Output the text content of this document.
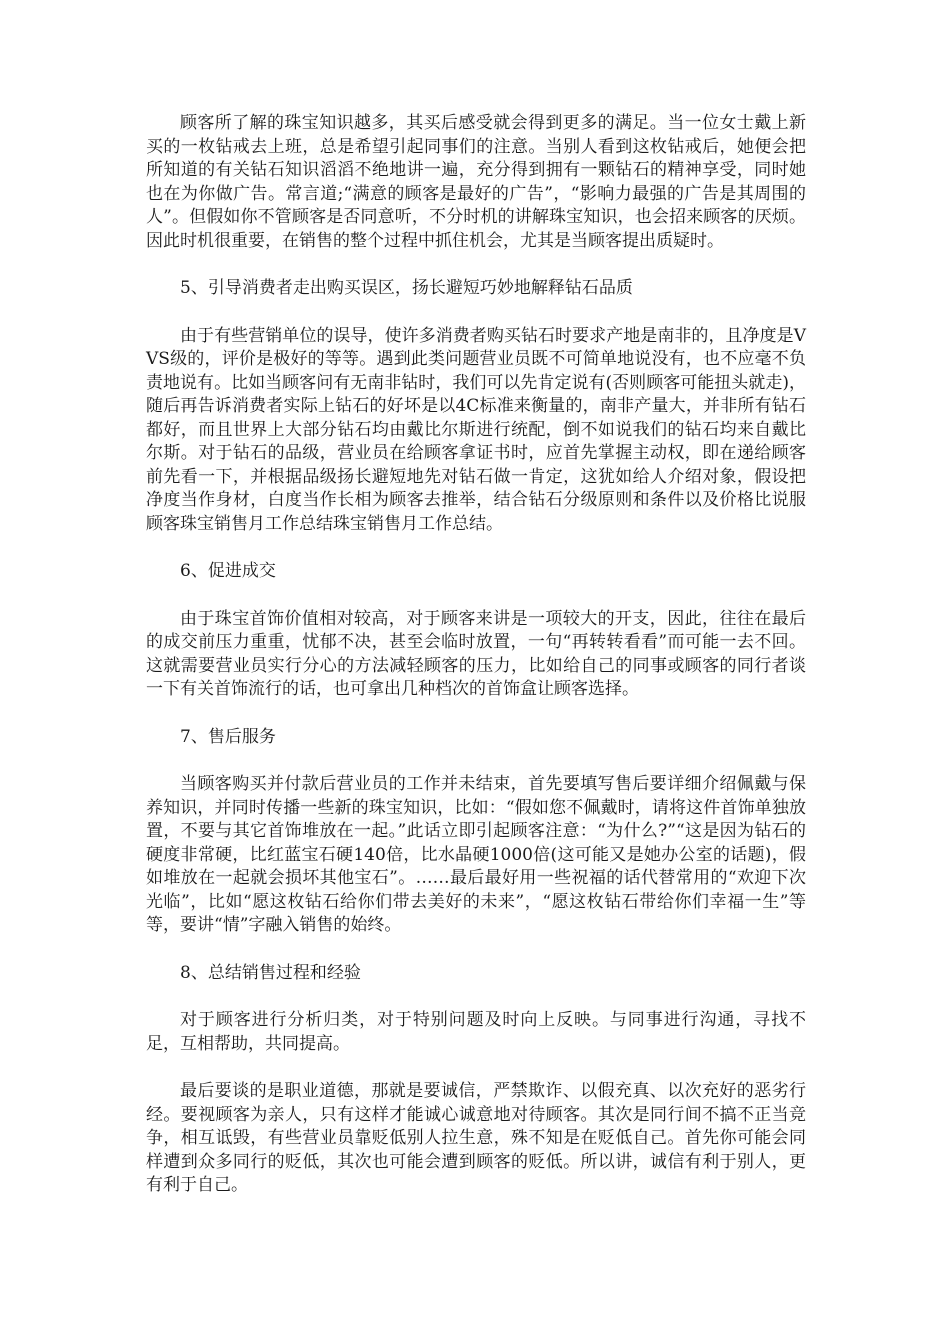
顾客所了解的珠宝知识越多，其买后感受就会得到更多的满足。当一位女士戴上新买的一枚钻戒去上班，总是希望引起同事们的注意。当别人看到这枚钻戒后，她便会把所知道的有关钻石知识滔滔不绝地讲一遍，充分得到拥有一颗钻石的精神享受，同时她也在为你做广告。常言道;“满意的顾客是最好的广告”，“影响力最强的广告是其周围的人”。但假如你不管顾客是否同意听，不分时机的讲解珠宝知识，也会招来顾客的厌烦。因此时机很重要，在销售的整个过程中抓住机会，尤其是当顾客提出质疑时。

5、引导消费者走出购买误区，扬长避短巧妙地解释钻石品质

由于有些营销单位的误导，使许多消费者购买钻石时要求产地是南非的，且净度是VVS级的，评价是极好的等等。遇到此类问题营业员既不可简单地说没有，也不应毫不负责地说有。比如当顾客问有无南非钻时，我们可以先肯定说有(否则顾客可能扭头就走)，随后再告诉消费者实际上钻石的好坏是以4C标准来衡量的，南非产量大，并非所有钻石都好，而且世界上大部分钻石均由戴比尔斯进行统配，倒不如说我们的钻石均来自戴比尔斯。对于钻石的品级，营业员在给顾客拿证书时，应首先掌握主动权，即在递给顾客前先看一下，并根据品级扬长避短地先对钻石做一肯定，这犹如给人介绍对象，假设把净度当作身材，白度当作长相为顾客去推举，结合钻石分级原则和条件以及价格比说服顾客珠宝销售月工作总结珠宝销售月工作总结。

6、促进成交

由于珠宝首饰价值相对较高，对于顾客来讲是一项较大的开支，因此，往往在最后的成交前压力重重，忧郁不决，甚至会临时放置，一句“再转转看看”而可能一去不回。这就需要营业员实行分心的方法减轻顾客的压力，比如给自己的同事或顾客的同行者谈一下有关首饰流行的话，也可拿出几种档次的首饰盒让顾客选择。

7、售后服务

当顾客购买并付款后营业员的工作并未结束，首先要填写售后要详细介绍佩戴与保养知识，并同时传播一些新的珠宝知识，比如：“假如您不佩戴时，请将这件首饰单独放置，不要与其它首饰堆放在一起。”此话立即引起顾客注意：“为什么?”“这是因为钻石的硬度非常硬，比红蓝宝石硬140倍，比水晶硬1000倍(这可能又是她办公室的话题)，假如堆放在一起就会损坏其他宝石”。……最后最好用一些祝福的话代替常用的“欢迎下次光临”，比如“愿这枚钻石给你们带去美好的未来”，“愿这枚钻石带给你们幸福一生”等等，要讲“情”字融入销售的始终。

8、总结销售过程和经验

对于顾客进行分析归类，对于特别问题及时向上反映。与同事进行沟通，寻找不足，互相帮助，共同提高。

最后要谈的是职业道德，那就是要诚信，严禁欺诈、以假充真、以次充好的恶劣行经。要视顾客为亲人，只有这样才能诚心诚意地对待顾客。其次是同行间不搞不正当竞争，相互诋毁，有些营业员靠贬低别人拉生意，殊不知是在贬低自己。首先你可能会同样遭到众多同行的贬低，其次也可能会遭到顾客的贬低。所以讲，诚信有利于别人，更有利于自己。
